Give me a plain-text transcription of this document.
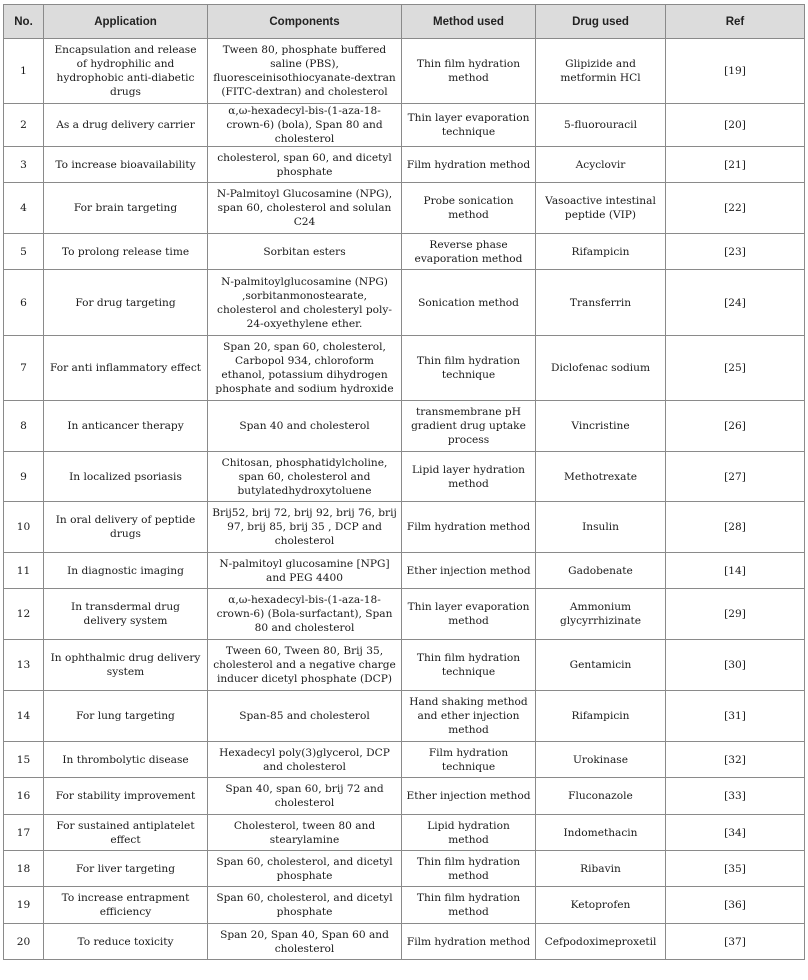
No.	Application	Components	Method used	Drug used	Ref
1	Encapsulation and release of hydrophilic and hydrophobic anti-diabetic drugs	Tween 80, phosphate buffered saline (PBS), fluoresceinisothiocyanate-dextran (FITC-dextran) and cholesterol	Thin film hydration method	Glipizide and metformin HCl	[19]
2	As a drug delivery carrier	α,ω-hexadecyl-bis-(1-aza-18-crown-6) (bola), Span 80 and cholesterol	Thin layer evaporation technique	5-fluorouracil	[20]
3	To increase bioavailability	cholesterol, span 60, and dicetyl phosphate	Film hydration method	Acyclovir	[21]
4	For brain targeting	N-Palmitoyl Glucosamine (NPG), span 60, cholesterol and solulan C24	Probe sonication method	Vasoactive intestinal peptide (VIP)	[22]
5	To prolong release time	Sorbitan esters	Reverse phase evaporation method	Rifampicin	[23]
6	For drug targeting	N-palmitoylglucosamine (NPG) ,sorbitanmonostearate, cholesterol and cholesteryl poly-24-oxyethylene ether.	Sonication method	Transferrin	[24]
7	For anti inflammatory effect	Span 20, span 60, cholesterol, Carbopol 934, chloroform ethanol, potassium dihydrogen phosphate and sodium hydroxide	Thin film hydration technique	Diclofenac sodium	[25]
8	In anticancer therapy	Span 40 and cholesterol	transmembrane pH gradient drug uptake process	Vincristine	[26]
9	In localized psoriasis	Chitosan, phosphatidylcholine, span 60, cholesterol and butylatedhydroxytoluene	Lipid layer hydration method	Methotrexate	[27]
10	In oral delivery of peptide drugs	Brij52, brij 72, brij 92, brij 76, brij 97, brij 85, brij 35 , DCP and cholesterol	Film hydration method	Insulin	[28]
11	In diagnostic imaging	N-palmitoyl glucosamine [NPG] and PEG 4400	Ether injection method	Gadobenate	[14]
12	In transdermal drug delivery system	α,ω-hexadecyl-bis-(1-aza-18-crown-6) (Bola-surfactant), Span 80 and cholesterol	Thin layer evaporation method	Ammonium glycyrrhizinate	[29]
13	In ophthalmic drug delivery system	Tween 60, Tween 80, Brij 35, cholesterol and a negative charge inducer dicetyl phosphate (DCP)	Thin film hydration technique	Gentamicin	[30]
14	For lung targeting	Span-85 and cholesterol	Hand shaking method and ether injection method	Rifampicin	[31]
15	In thrombolytic disease	Hexadecyl poly(3)glycerol, DCP and cholesterol	Film hydration technique	Urokinase	[32]
16	For stability improvement	Span 40, span 60, brij 72 and cholesterol	Ether injection method	Fluconazole	[33]
17	For sustained antiplatelet effect	Cholesterol, tween 80 and stearylamine	Lipid hydration method	Indomethacin	[34]
18	For liver targeting	Span 60, cholesterol, and dicetyl phosphate	Thin film hydration method	Ribavin	[35]
19	To increase entrapment efficiency	Span 60, cholesterol, and dicetyl phosphate	Thin film hydration method	Ketoprofen	[36]
20	To reduce toxicity	Span 20, Span 40, Span 60 and cholesterol	Film hydration method	Cefpodoximeproxetil	[37]
